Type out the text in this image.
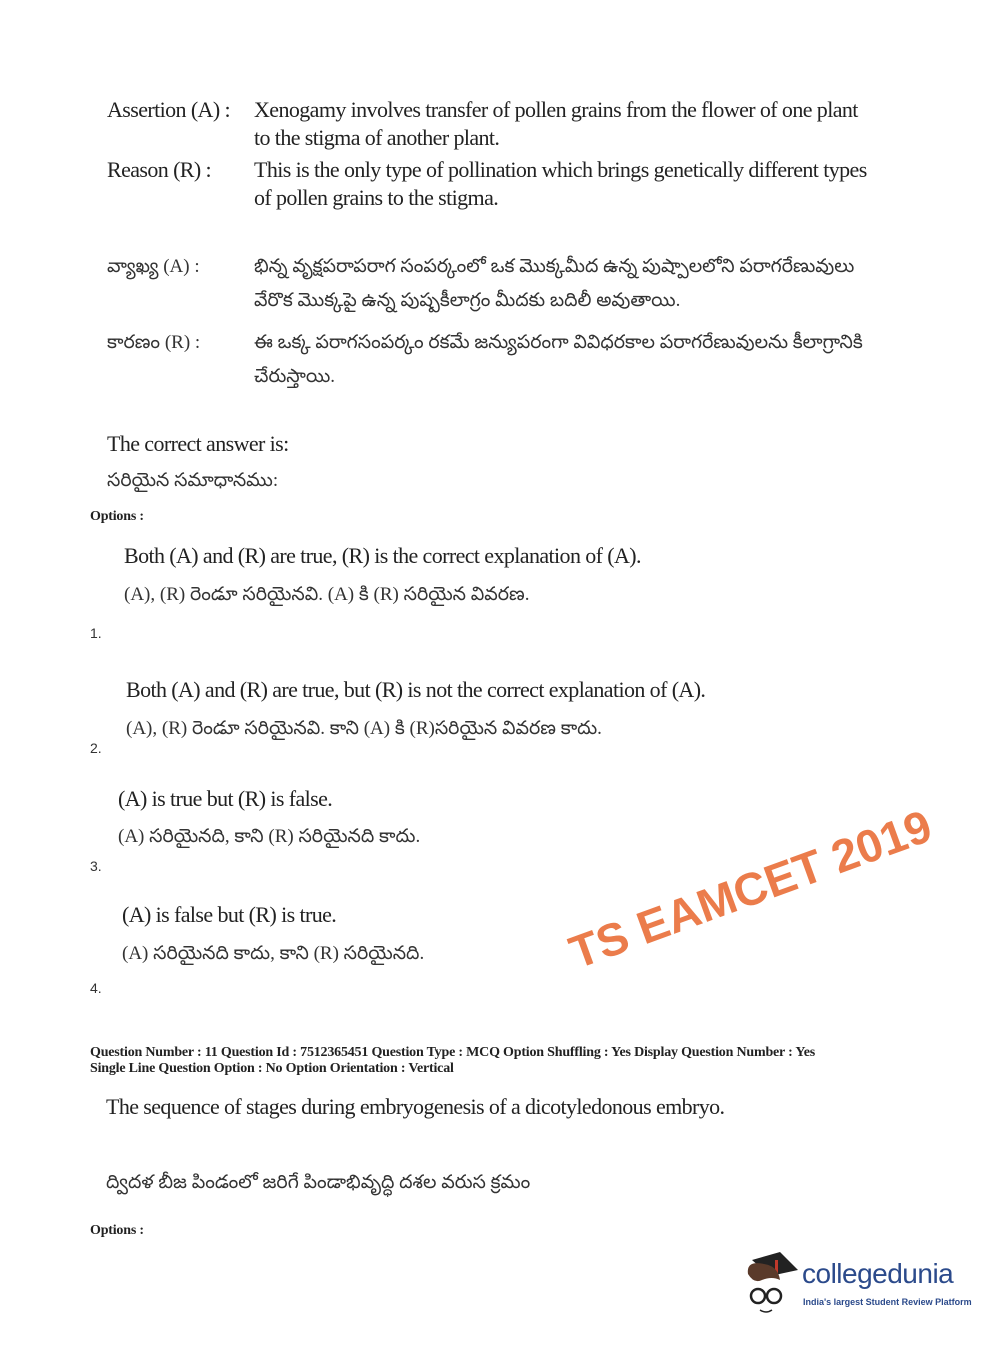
Assertion (A) :	Xenogamy involves transfer of pollen grains from the flower of one plant
to the stigma of another plant.
Reason (R) :	This is the only type of pollination which brings genetically different types
of pollen grains to the stigma.
వ్యాఖ్య (A) :	భిన్న వృక్షపరాపరాగ సంపర్కంలో ఒక మొక్కమీద ఉన్న పుష్పాలలోని పరాగరేణువులు
వేరొక మొక్కపై ఉన్న పుష్పకీలాగ్రం మీదకు బదిలీ అవుతాయి.
కారణం (R) :	ఈ ఒక్క పరాగసంపర్కం రకమే జన్యుపరంగా వివిధరకాల పరాగరేణువులను కీలాగ్రానికి
చేరుస్తాయి.
The correct answer is:
సరియైన సమాధానము:
Options :
Both (A) and (R) are true, (R) is the correct explanation of (A).
(A), (R) రెండూ సరియైనవి. (A) కి (R) సరియైన వివరణ.
1.
Both (A) and (R) are true, but (R) is not the correct explanation of (A).
(A), (R) రెండూ సరియైనవి. కాని (A) కి (R)సరియైన వివరణ కాదు.
2.
(A) is true but (R) is false.
(A) సరియైనది, కాని (R) సరియైనది కాదు.
3.
(A) is false but (R) is true.
(A) సరియైనది కాదు, కాని (R) సరియైనది.
4.
Question Number : 11 Question Id : 7512365451 Question Type : MCQ Option Shuffling : Yes Display Question Number : Yes
Single Line Question Option : No Option Orientation : Vertical
The sequence of stages during embryogenesis of a dicotyledonous embryo.
ద్విదళ బీజ పిండంలో జరిగే పిండాభివృద్ధి దశల వరుస క్రమం
Options :
TS EAMCET 2019
collegedunia
India's largest Student Review Platform
